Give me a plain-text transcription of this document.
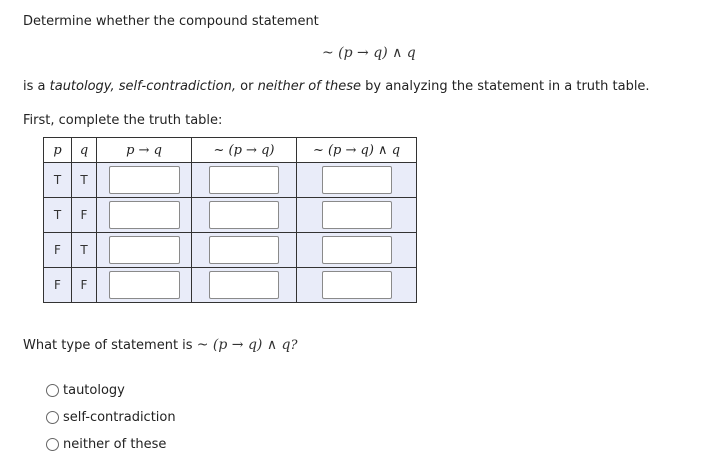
Determine whether the compound statement
~ (p → q) ∧ q
is a tautology, self-contradiction, or neither of these by analyzing the statement in a truth table.
First, complete the truth table:
p	q	p → q	~ (p → q)	~ (p → q) ∧ q
T	T	

T	F	

F	T	

F	F	

What type of statement is ~ (p → q) ∧ q?
tautology
self-contradiction
neither of these
